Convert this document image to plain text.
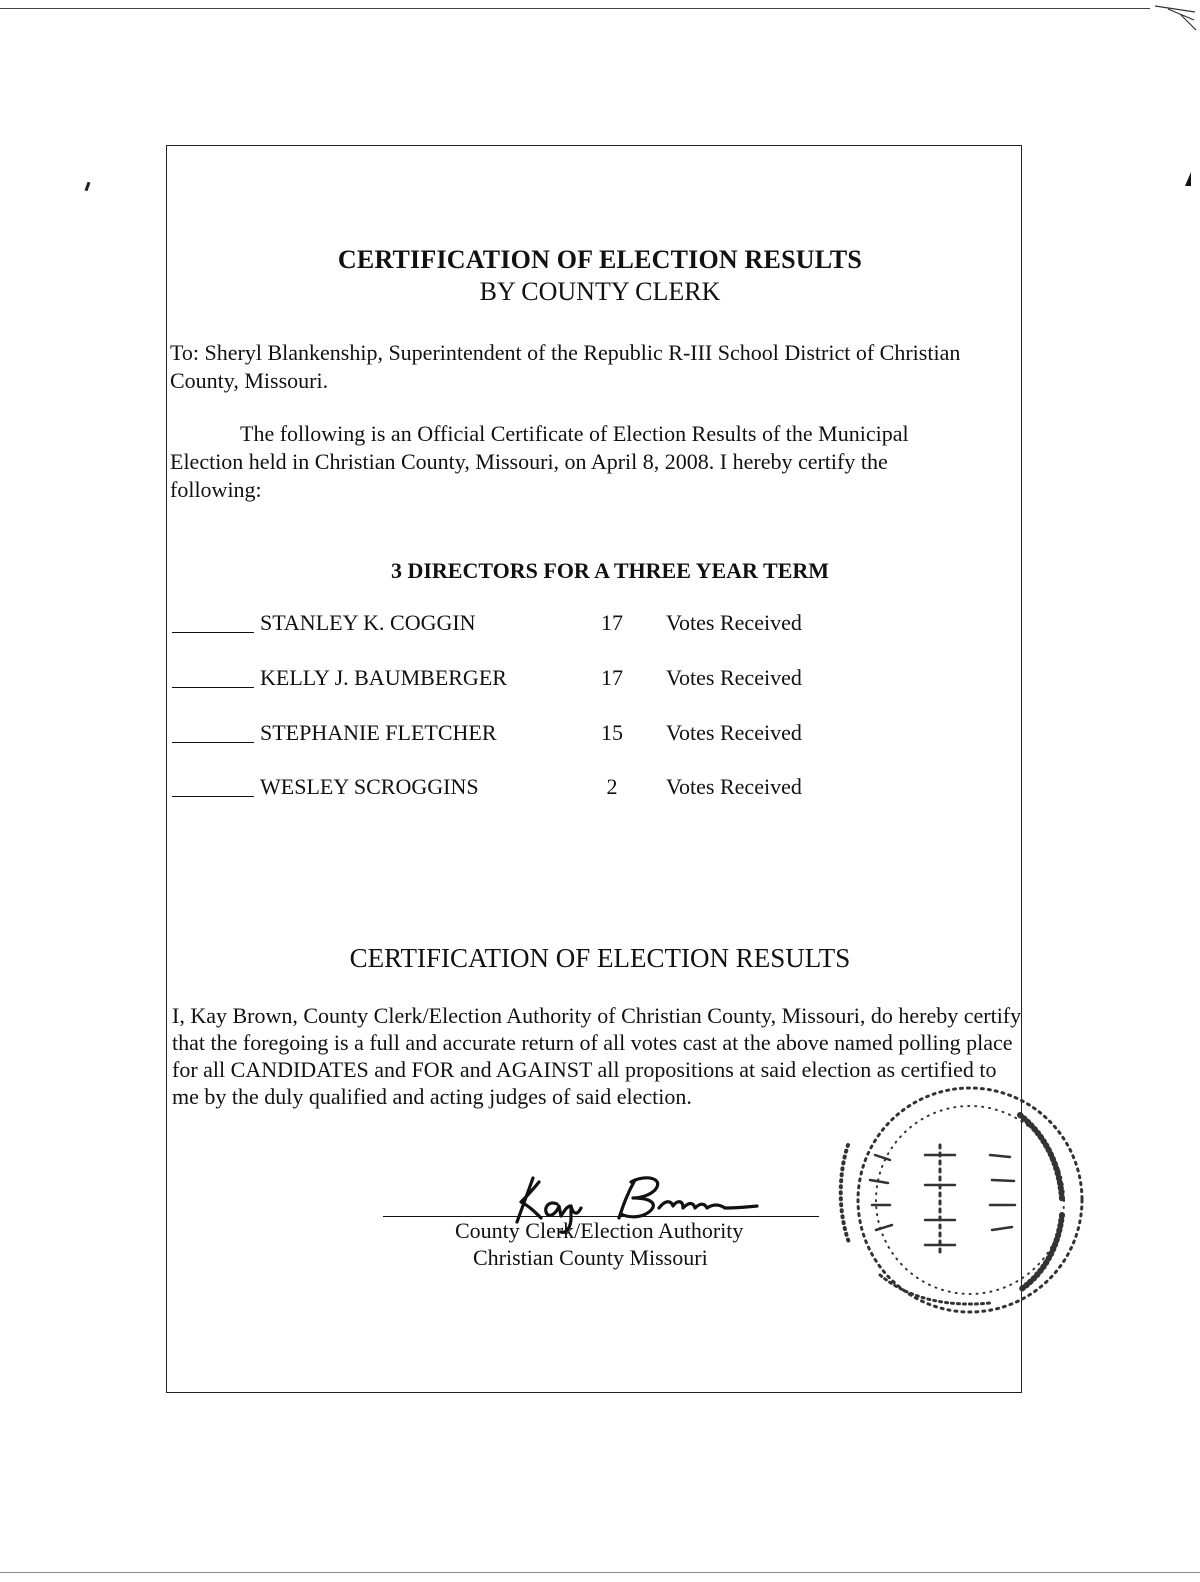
CERTIFICATION OF ELECTION RESULTS
BY COUNTY CLERK
To: Sheryl Blankenship, Superintendent of the Republic R-III School District of Christian County, Missouri.
The following is an Official Certificate of Election Results of the Municipal Election held in Christian County, Missouri, on April 8, 2008. I hereby certify the following:
3 DIRECTORS FOR A THREE YEAR TERM
STANLEY K. COGGIN	17	Votes Received
KELLY J. BAUMBERGER	17	Votes Received
STEPHANIE FLETCHER	15	Votes Received
WESLEY SCROGGINS	2	Votes Received
CERTIFICATION OF ELECTION RESULTS
I, Kay Brown, County Clerk/Election Authority of Christian County, Missouri, do hereby certify that the foregoing is a full and accurate return of all votes cast at the above named polling place for all CANDIDATES and FOR and AGAINST all propositions at said election as certified to me by the duly qualified and acting judges of said election.
County Clerk/Election Authority
Christian County Missouri
